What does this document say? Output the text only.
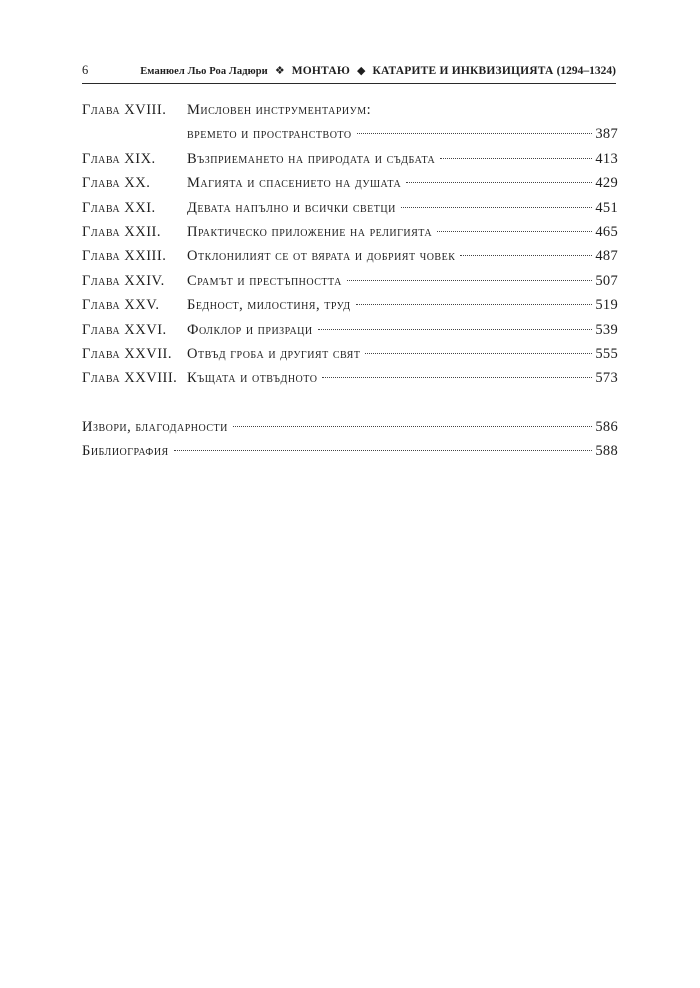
6	Еманюел Льо Роа Ладюри ❖ МОНТАЮ ◆ КАТАРИТЕ И ИНКВИЗИЦИЯТА (1294–1324)
Глава XVIII.	Мисловен инструментариум:
времето и пространството	387
Глава XIX.	Възприемането на природата и съдбата	413
Глава XX.	Магията и спасението на душата	429
Глава XXI.	Девата напълно и всички светци	451
Глава XXII.	Практическо приложение на религията	465
Глава XXIII.	Отклонилият се от вярата и добрият човек	487
Глава XXIV.	Срамът и престъпността	507
Глава XXV.	Бедност, милостиня, труд	519
Глава XXVI.	Фолклор и призраци	539
Глава XXVII.	Отвъд гроба и другият свят	555
Глава XXVIII. Къщата и отвъдното	573
Извори, благодарности	586
Библиография	588
